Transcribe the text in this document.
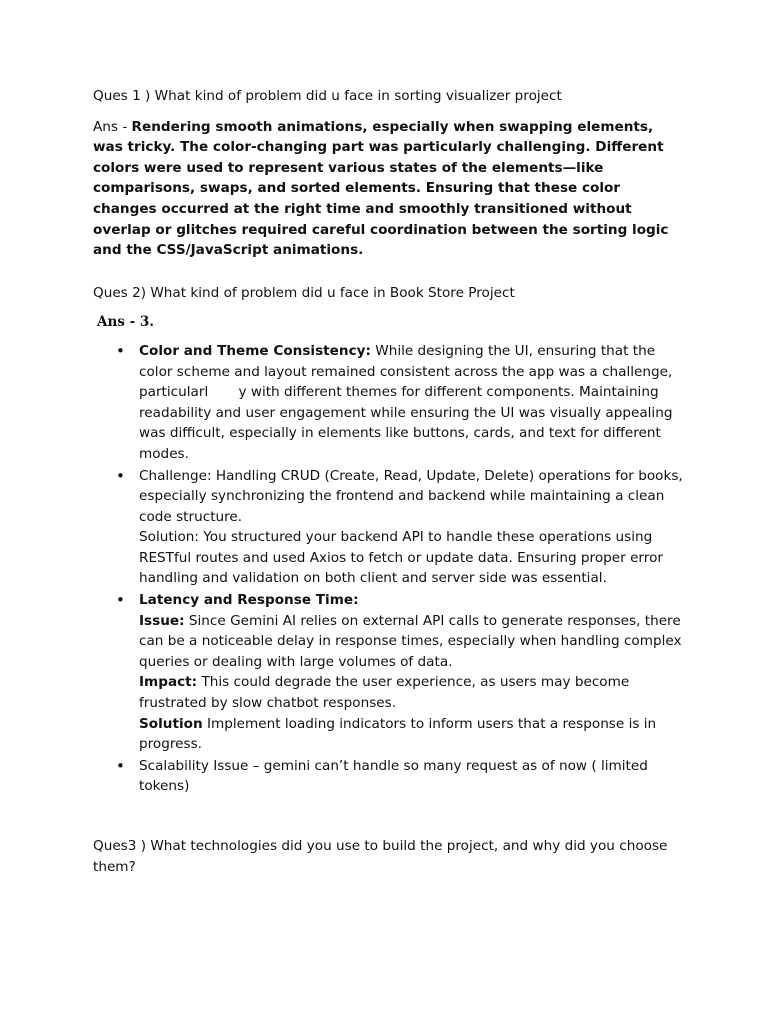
Ques 1 ) What kind of problem did u face in sorting visualizer project

Ans - Rendering smooth animations, especially when swapping elements, was tricky. The color-changing part was particularly challenging. Different colors were used to represent various states of the elements—like comparisons, swaps, and sorted elements. Ensuring that these color changes occurred at the right time and smoothly transitioned without overlap or glitches required careful coordination between the sorting logic and the CSS/JavaScript animations.

Ques 2) What kind of problem did u face in Book Store Project

Ans - 3.

• Color and Theme Consistency: While designing the UI, ensuring that the color scheme and layout remained consistent across the app was a challenge, particularl       y with different themes for different components. Maintaining readability and user engagement while ensuring the UI was visually appealing was difficult, especially in elements like buttons, cards, and text for different modes.
• Challenge: Handling CRUD (Create, Read, Update, Delete) operations for books, especially synchronizing the frontend and backend while maintaining a clean code structure.
Solution: You structured your backend API to handle these operations using RESTful routes and used Axios to fetch or update data. Ensuring proper error handling and validation on both client and server side was essential.
• Latency and Response Time:
Issue: Since Gemini AI relies on external API calls to generate responses, there can be a noticeable delay in response times, especially when handling complex queries or dealing with large volumes of data.
Impact: This could degrade the user experience, as users may become frustrated by slow chatbot responses.
Solution Implement loading indicators to inform users that a response is in progress.
• Scalability Issue – gemini can’t handle so many request as of now ( limited tokens)

Ques3 ) What technologies did you use to build the project, and why did you choose them?
